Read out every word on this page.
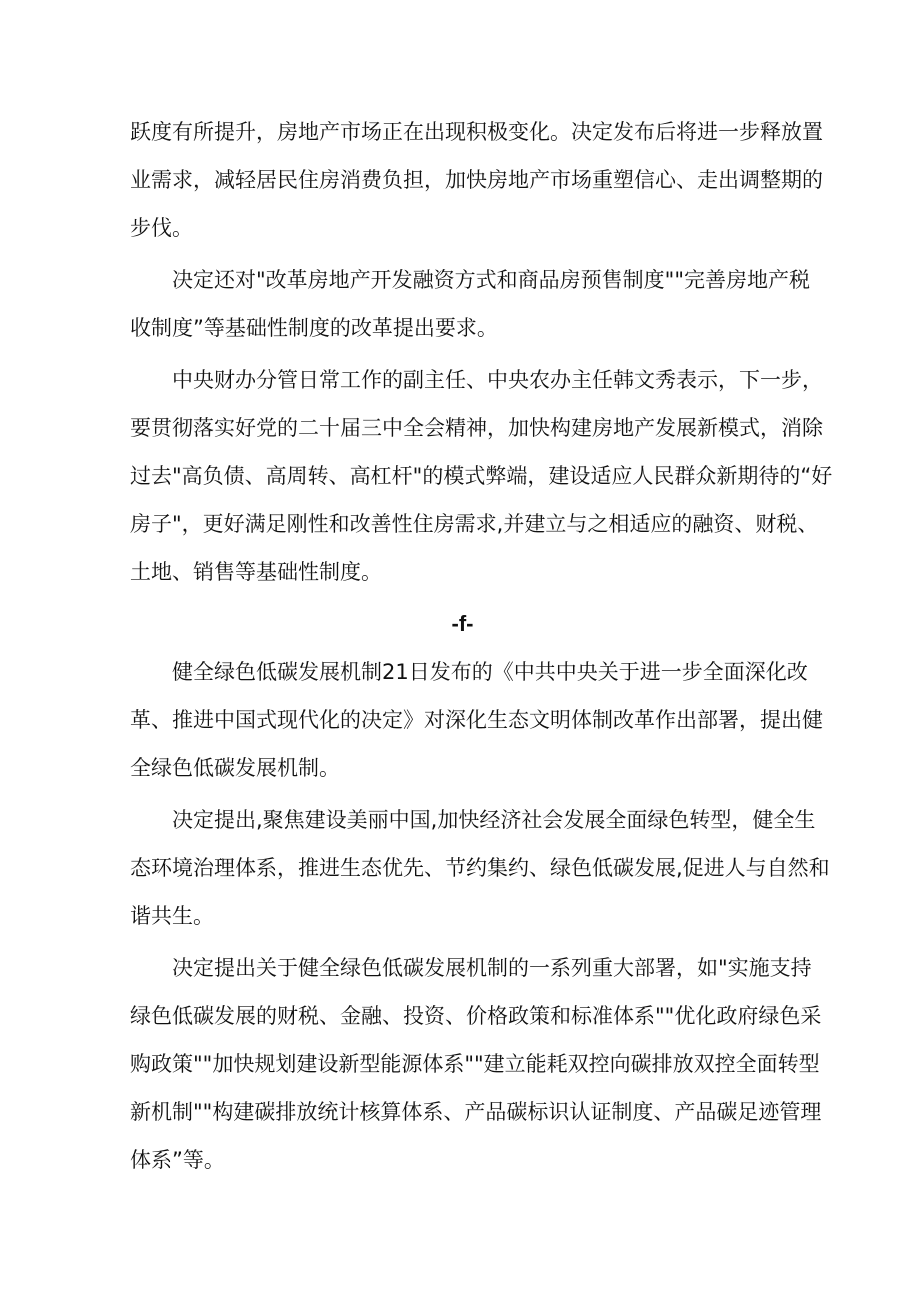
跃度有所提升，房地产市场正在出现积极变化。决定发布后将进一步释放置
业需求，减轻居民住房消费负担，加快房地产市场重塑信心、走出调整期的
步伐。

　　决定还对"改革房地产开发融资方式和商品房预售制度""完善房地产税
收制度”等基础性制度的改革提出要求。

　　中央财办分管日常工作的副主任、中央农办主任韩文秀表示，下一步，
要贯彻落实好党的二十届三中全会精神，加快构建房地产发展新模式，消除
过去"高负债、高周转、高杠杆"的模式弊端，建设适应人民群众新期待的“好
房子"，更好满足刚性和改善性住房需求,并建立与之相适应的融资、财税、
土地、销售等基础性制度。

-f-

　　健全绿色低碳发展机制21日发布的《中共中央关于进一步全面深化改
革、推进中国式现代化的决定》对深化生态文明体制改革作出部署，提出健
全绿色低碳发展机制。

　　决定提出,聚焦建设美丽中国,加快经济社会发展全面绿色转型，健全生
态环境治理体系，推进生态优先、节约集约、绿色低碳发展,促进人与自然和
谐共生。

　　决定提出关于健全绿色低碳发展机制的一系列重大部署，如"实施支持
绿色低碳发展的财税、金融、投资、价格政策和标准体系""优化政府绿色采
购政策""加快规划建设新型能源体系""建立能耗双控向碳排放双控全面转型
新机制""构建碳排放统计核算体系、产品碳标识认证制度、产品碳足迹管理
体系”等。
